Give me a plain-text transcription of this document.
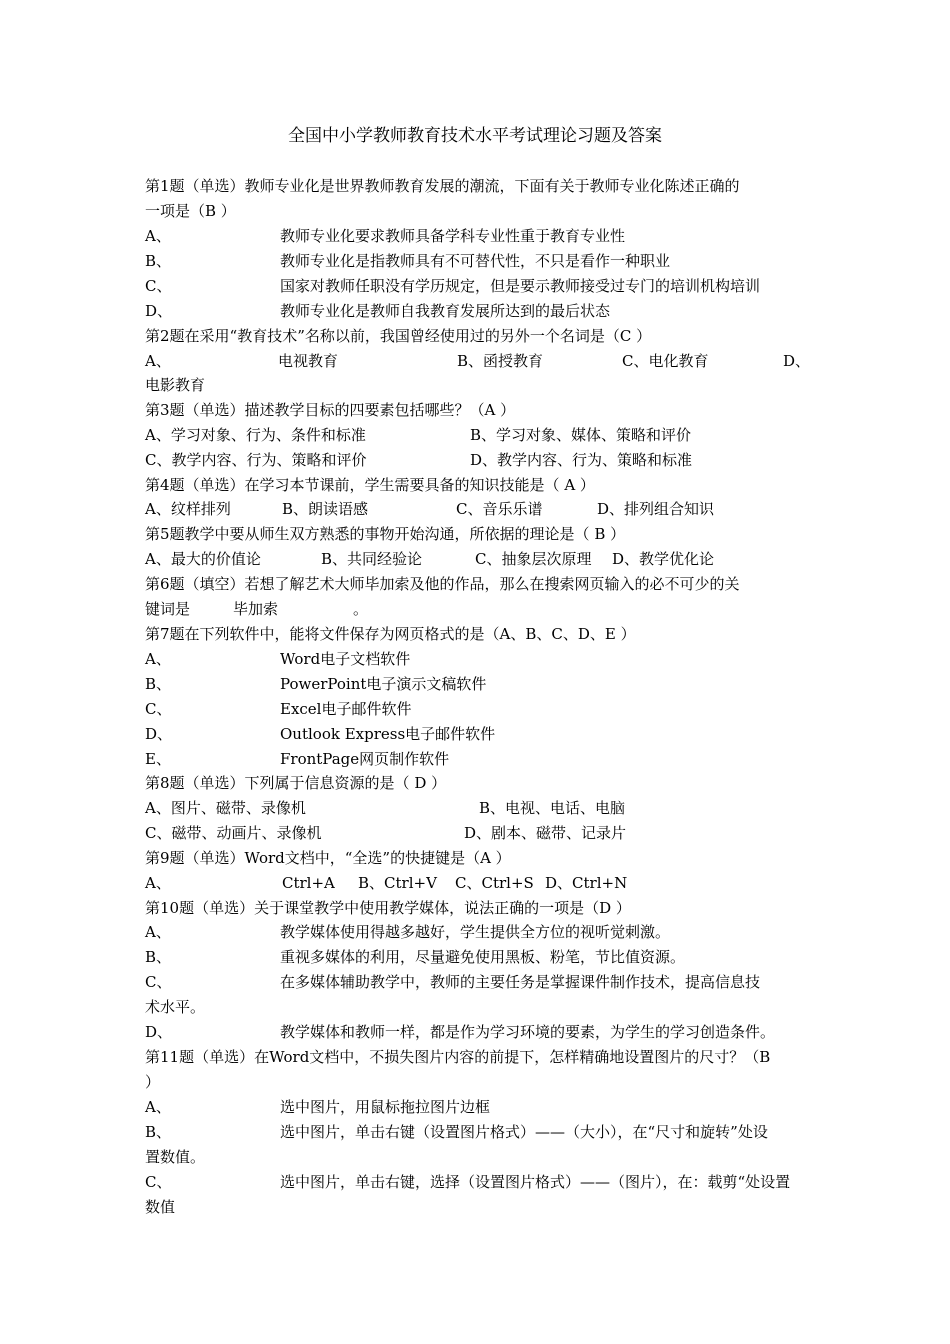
全国中小学教师教育技术水平考试理论习题及答案
第1题（单选）教师专业化是世界教师教育发展的潮流，下面有关于教师专业化陈述正确的
一项是（B ）
A、	教师专业化要求教师具备学科专业性重于教育专业性
B、	教师专业化是指教师具有不可替代性，不只是看作一种职业
C、	国家对教师任职没有学历规定，但是要示教师接受过专门的培训机构培训
D、	教师专业化是教师自我教育发展所达到的最后状态
第2题在采用“教育技术”名称以前，我国曾经使用过的另外一个名词是（C ）
A、	电视教育	B、函授教育	C、电化教育	D、
电影教育
第3题（单选）描述教学目标的四要素包括哪些？（A ）
A、学习对象、行为、条件和标准	B、学习对象、媒体、策略和评价
C、教学内容、行为、策略和评价	D、教学内容、行为、策略和标准
第4题（单选）在学习本节课前，学生需要具备的知识技能是（ A ）
A、纹样排列	B、朗读语感	C、音乐乐谱	D、排列组合知识
第5题教学中要从师生双方熟悉的事物开始沟通，所依据的理论是（ B ）
A、最大的价值论	B、共同经验论	C、抽象层次原理 D、教学优化论
第6题（填空）若想了解艺术大师毕加索及他的作品，那么在搜索网页输入的必不可少的关
键词是	毕加索	。
第7题在下列软件中，能将文件保存为网页格式的是（A、B、C、D、E ）
A、	Word电子文档软件
B、	PowerPoint电子演示文稿软件
C、	Excel电子邮件软件
D、	Outlook Express电子邮件软件
E、	FrontPage网页制作软件
第8题（单选）下列属于信息资源的是（ D ）
A、图片、磁带、录像机	B、电视、电话、电脑
C、磁带、动画片、录像机	D、剧本、磁带、记录片
第9题（单选）Word文档中，“全选”的快捷键是（A ）
A、	Ctrl+A B、Ctrl+V C、Ctrl+S D、Ctrl+N
第10题（单选）关于课堂教学中使用教学媒体，说法正确的一项是（D ）
A、	教学媒体使用得越多越好，学生提供全方位的视听觉刺激。
B、	重视多媒体的利用，尽量避免使用黑板、粉笔，节比值资源。
C、	在多媒体辅助教学中，教师的主要任务是掌握课件制作技术，提高信息技
术水平。
D、	教学媒体和教师一样，都是作为学习环境的要素，为学生的学习创造条件。
第11题（单选）在Word文档中，不损失图片内容的前提下，怎样精确地设置图片的尺寸？（B
）
A、	选中图片，用鼠标拖拉图片边框
B、	选中图片，单击右键（设置图片格式）——（大小），在“尺寸和旋转”处设
置数值。
C、	选中图片，单击右键，选择（设置图片格式）——（图片），在：载剪“处设置
数值
